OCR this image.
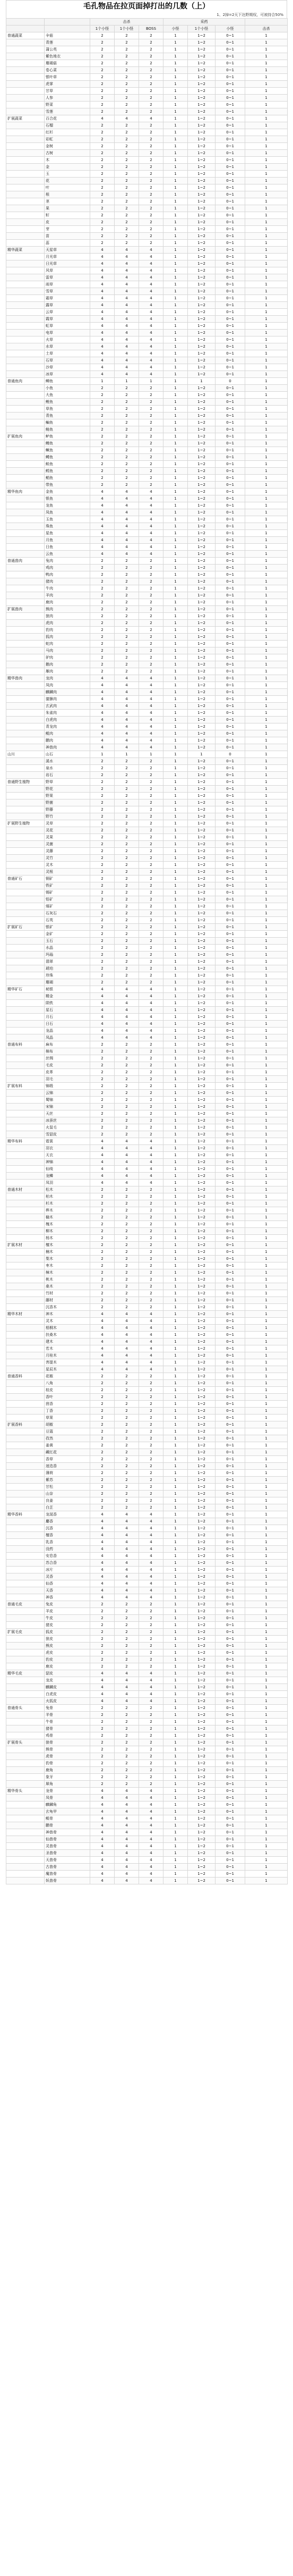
毛孔物品在拉页面掉打出的几数（上）
1、2掉=2天下达野期权，可被持合50%
		击杀			采药			
		1个小怪	1个小怪	BOSS	小怪	1个小怪	小怪	击杀
普通蔬菜	伞菇	2	2	2	1	1~2	0~1	1
	青莲	2	2	2	1	1~2	0~1	1
	蒲公英	2	2	2	1	1~2	0~1	1
	紫色地衣	2	2	2	1	1~2	0~1	1
	珊瑚菇	2	2	2	1	1~2	0~1	1
	卷心菜	2	2	2	1	1~2	0~1	1
	银叶草	2	2	2	1	1~2	0~1	1
	虎掌	2	2	2	1	1~2	0~1	1
	甘草	2	2	2	1	1~2	0~1	1
	人参	2	2	2	1	1~2	0~1	1
	野菜	2	2	2	1	1~2	0~1	1
	雪莲	2	2	2	1	1~2	0~1	1
扩展蔬菜	百合花	4	4	4	1	1~2	0~1	1
	石榴	2	2	2	1	1~2	0~1	1
	红杉	2	2	2	1	1~2	0~1	1
	彩虹	2	2	2	1	1~2	0~1	1
	金树	2	2	2	1	1~2	0~1	1
	古树	2	2	2	1	1~2	0~1	1
	木	2	2	2	1	1~2	0~1	1
	金	2	2	2	1	1~2	0~1	1
	玉	2	2	2	1	1~2	0~1	1
	花	2	2	2	1	1~2	0~1	1
	叶	2	2	2	1	1~2	0~1	1
	根	2	2	2	1	1~2	0~1	1
	茎	2	2	2	1	1~2	0~1	1
	果	2	2	2	1	1~2	0~1	1
	籽	2	2	2	1	1~2	0~1	1
	皮	2	2	2	1	1~2	0~1	1
	芽	2	2	2	1	1~2	0~1	1
	苗	2	2	2	1	1~2	0~1	1
	蕊	2	2	2	1	1~2	0~1	1
精华蔬菜	天星草	4	4	4	1	1~2	0~1	1
	月光草	4	4	4	1	1~2	0~1	1
	日光草	4	4	4	1	1~2	0~1	1
	风草	4	4	4	1	1~2	0~1	1
	雷草	4	4	4	1	1~2	0~1	1
	雨草	4	4	4	1	1~2	0~1	1
	雪草	4	4	4	1	1~2	0~1	1
	霜草	4	4	4	1	1~2	0~1	1
	露草	4	4	4	1	1~2	0~1	1
	云草	4	4	4	1	1~2	0~1	1
	霞草	4	4	4	1	1~2	0~1	1
	虹草	4	4	4	1	1~2	0~1	1
	电草	4	4	4	1	1~2	0~1	1
	火草	4	4	4	1	1~2	0~1	1
	水草	4	4	4	1	1~2	0~1	1
	土草	4	4	4	1	1~2	0~1	1
	石草	4	4	4	1	1~2	0~1	1
	沙草	4	4	4	1	1~2	0~1	1
	冰草	4	4	4	1	1~2	0~1	1
普通鱼肉	鲫鱼	1	1	1	1	1	0	1
	小鱼	2	2	2	1	1~2	0~1	1
	大鱼	2	2	2	1	1~2	0~1	1
	鲤鱼	2	2	2	1	1~2	0~1	1
	草鱼	2	2	2	1	1~2	0~1	1
	青鱼	2	2	2	1	1~2	0~1	1
	鳊鱼	2	2	2	1	1~2	0~1	1
	鲢鱼	2	2	2	1	1~2	0~1	1
扩展鱼肉	鲈鱼	2	2	2	1	1~2	0~1	1
	鳗鱼	2	2	2	1	1~2	0~1	1
	鳜鱼	2	2	2	1	1~2	0~1	1
	鳟鱼	2	2	2	1	1~2	0~1	1
	鲑鱼	2	2	2	1	1~2	0~1	1
	鳕鱼	2	2	2	1	1~2	0~1	1
	鲳鱼	2	2	2	1	1~2	0~1	1
	带鱼	2	2	2	1	1~2	0~1	1
精华鱼肉	金鱼	4	4	4	1	1~2	0~1	1
	银鱼	4	4	4	1	1~2	0~1	1
	龙鱼	4	4	4	1	1~2	0~1	1
	凤鱼	4	4	4	1	1~2	0~1	1
	玉鱼	4	4	4	1	1~2	0~1	1
	珠鱼	4	4	4	1	1~2	0~1	1
	星鱼	4	4	4	1	1~2	0~1	1
	月鱼	4	4	4	1	1~2	0~1	1
	日鱼	4	4	4	1	1~2	0~1	1
	云鱼	4	4	4	1	1~2	0~1	1
普通兽肉	兔肉	2	2	2	1	1~2	0~1	1
	鸡肉	2	2	2	1	1~2	0~1	1
	鸭肉	2	2	2	1	1~2	0~1	1
	猪肉	2	2	2	1	1~2	0~1	1
	牛肉	2	2	2	1	1~2	0~1	1
	羊肉	2	2	2	1	1~2	0~1	1
	鹿肉	2	2	2	1	1~2	0~1	1
扩展兽肉	熊肉	2	2	2	1	1~2	0~1	1
	狼肉	2	2	2	1	1~2	0~1	1
	虎肉	2	2	2	1	1~2	0~1	1
	豹肉	2	2	2	1	1~2	0~1	1
	狐肉	2	2	2	1	1~2	0~1	1
	蛇肉	2	2	2	1	1~2	0~1	1
	马肉	2	2	2	1	1~2	0~1	1
	驴肉	2	2	2	1	1~2	0~1	1
	鹅肉	2	2	2	1	1~2	0~1	1
	雁肉	2	2	2	1	1~2	0~1	1
精华兽肉	龙肉	4	4	4	1	1~2	0~1	1
	凤肉	4	4	4	1	1~2	0~1	1
	麒麟肉	4	4	4	1	1~2	0~1	1
	貔貅肉	4	4	4	1	1~2	0~1	1
	玄武肉	4	4	4	1	1~2	0~1	1
	朱雀肉	4	4	4	1	1~2	0~1	1
	白虎肉	4	4	4	1	1~2	0~1	1
	青龙肉	4	4	4	1	1~2	0~1	1
	鲲肉	4	4	4	1	1~2	0~1	1
	鹏肉	4	4	4	1	1~2	0~1	1
	神兽肉	4	4	4	1	1~2	0~1	1
山川	山石	1	1	1	1	1	0	1
	溪水	2	2	2	1	1~2	0~1	1
	泉水	2	2	2	1	1~2	0~1	1
	岩石	2	2	2	1	1~2	0~1	1
普通野生植物	野草	2	2	2	1	1~2	0~1	1
	野花	2	2	2	1	1~2	0~1	1
	野果	2	2	2	1	1~2	0~1	1
	野菌	2	2	2	1	1~2	0~1	1
	野藤	2	2	2	1	1~2	0~1	1
	野竹	2	2	2	1	1~2	0~1	1
扩展野生植物	灵草	2	2	2	1	1~2	0~1	1
	灵花	2	2	2	1	1~2	0~1	1
	灵果	2	2	2	1	1~2	0~1	1
	灵菌	2	2	2	1	1~2	0~1	1
	灵藤	2	2	2	1	1~2	0~1	1
	灵竹	2	2	2	1	1~2	0~1	1
	灵木	2	2	2	1	1~2	0~1	1
	灵根	2	2	2	1	1~2	0~1	1
普通矿石	铜矿	2	2	2	1	1~2	0~1	1
	铁矿	2	2	2	1	1~2	0~1	1
	锡矿	2	2	2	1	1~2	0~1	1
	铅矿	2	2	2	1	1~2	0~1	1
	煤矿	2	2	2	1	1~2	0~1	1
	石灰石	2	2	2	1	1~2	0~1	1
	石英	2	2	2	1	1~2	0~1	1
扩展矿石	银矿	2	2	2	1	1~2	0~1	1
	金矿	2	2	2	1	1~2	0~1	1
	玉石	2	2	2	1	1~2	0~1	1
	水晶	2	2	2	1	1~2	0~1	1
	玛瑙	2	2	2	1	1~2	0~1	1
	翡翠	2	2	2	1	1~2	0~1	1
	琥珀	2	2	2	1	1~2	0~1	1
	珍珠	2	2	2	1	1~2	0~1	1
	珊瑚	2	2	2	1	1~2	0~1	1
精华矿石	秘银	4	4	4	1	1~2	0~1	1
	精金	4	4	4	1	1~2	0~1	1
	陨铁	4	4	4	1	1~2	0~1	1
	星石	4	4	4	1	1~2	0~1	1
	月石	4	4	4	1	1~2	0~1	1
	日石	4	4	4	1	1~2	0~1	1
	龙晶	4	4	4	1	1~2	0~1	1
	凤晶	4	4	4	1	1~2	0~1	1
普通布料	麻布	2	2	2	1	1~2	0~1	1
	棉布	2	2	2	1	1~2	0~1	1
	丝绸	2	2	2	1	1~2	0~1	1
	毛皮	2	2	2	1	1~2	0~1	1
	皮革	2	2	2	1	1~2	0~1	1
	羽毛	2	2	2	1	1~2	0~1	1
扩展布料	锦缎	2	2	2	1	1~2	0~1	1
	云锦	2	2	2	1	1~2	0~1	1
	蜀锦	2	2	2	1	1~2	0~1	1
	宋锦	2	2	2	1	1~2	0~1	1
	天丝	2	2	2	1	1~2	0~1	1
	冰蚕丝	2	2	2	1	1~2	0~1	1
	火鼠毛	2	2	2	1	1~2	0~1	1
	雪貂皮	2	2	2	1	1~2	0~1	1
精华布料	霓裳	4	4	4	1	1~2	0~1	1
	羽衣	4	4	4	1	1~2	0~1	1
	天衣	4	4	4	1	1~2	0~1	1
	神锦	4	4	4	1	1~2	0~1	1
	仙绫	4	4	4	1	1~2	0~1	1
	龙鳞	4	4	4	1	1~2	0~1	1
	凤羽	4	4	4	1	1~2	0~1	1
普通木材	松木	2	2	2	1	1~2	0~1	1
	柏木	2	2	2	1	1~2	0~1	1
	杉木	2	2	2	1	1~2	0~1	1
	桦木	2	2	2	1	1~2	0~1	1
	榆木	2	2	2	1	1~2	0~1	1
	槐木	2	2	2	1	1~2	0~1	1
	柳木	2	2	2	1	1~2	0~1	1
	杨木	2	2	2	1	1~2	0~1	1
扩展木材	檀木	2	2	2	1	1~2	0~1	1
	楠木	2	2	2	1	1~2	0~1	1
	梨木	2	2	2	1	1~2	0~1	1
	枣木	2	2	2	1	1~2	0~1	1
	樟木	2	2	2	1	1~2	0~1	1
	桃木	2	2	2	1	1~2	0~1	1
	桑木	2	2	2	1	1~2	0~1	1
	竹材	2	2	2	1	1~2	0~1	1
	藤材	2	2	2	1	1~2	0~1	1
	沉香木	2	2	2	1	1~2	0~1	1
精华木材	神木	4	4	4	1	1~2	0~1	1
	灵木	4	4	4	1	1~2	0~1	1
	梧桐木	4	4	4	1	1~2	0~1	1
	扶桑木	4	4	4	1	1~2	0~1	1
	建木	4	4	4	1	1~2	0~1	1
	若木	4	4	4	1	1~2	0~1	1
	月桂木	4	4	4	1	1~2	0~1	1
	菩提木	4	4	4	1	1~2	0~1	1
	星辰木	4	4	4	1	1~2	0~1	1
普通香料	花椒	2	2	2	1	1~2	0~1	1
	八角	2	2	2	1	1~2	0~1	1
	桂皮	2	2	2	1	1~2	0~1	1
	香叶	2	2	2	1	1~2	0~1	1
	茴香	2	2	2	1	1~2	0~1	1
	丁香	2	2	2	1	1~2	0~1	1
	草果	2	2	2	1	1~2	0~1	1
扩展香料	胡椒	2	2	2	1	1~2	0~1	1
	豆蔻	2	2	2	1	1~2	0~1	1
	孜然	2	2	2	1	1~2	0~1	1
	姜黄	2	2	2	1	1~2	0~1	1
	藏红花	2	2	2	1	1~2	0~1	1
	香草	2	2	2	1	1~2	0~1	1
	迷迭香	2	2	2	1	1~2	0~1	1
	薄荷	2	2	2	1	1~2	0~1	1
	紫苏	2	2	2	1	1~2	0~1	1
	甘松	2	2	2	1	1~2	0~1	1
	山奈	2	2	2	1	1~2	0~1	1
	良姜	2	2	2	1	1~2	0~1	1
	白芷	2	2	2	1	1~2	0~1	1
精华香料	龙涎香	4	4	4	1	1~2	0~1	1
	麝香	4	4	4	1	1~2	0~1	1
	沉香	4	4	4	1	1~2	0~1	1
	檀香	4	4	4	1	1~2	0~1	1
	乳香	4	4	4	1	1~2	0~1	1
	没药	4	4	4	1	1~2	0~1	1
	安息香	4	4	4	1	1~2	0~1	1
	苏合香	4	4	4	1	1~2	0~1	1
	冰片	4	4	4	1	1~2	0~1	1
	灵香	4	4	4	1	1~2	0~1	1
	仙香	4	4	4	1	1~2	0~1	1
	天香	4	4	4	1	1~2	0~1	1
	神香	4	4	4	1	1~2	0~1	1
普通毛皮	兔皮	2	2	2	1	1~2	0~1	1
	羊皮	2	2	2	1	1~2	0~1	1
	牛皮	2	2	2	1	1~2	0~1	1
	猪皮	2	2	2	1	1~2	0~1	1
扩展毛皮	狐皮	2	2	2	1	1~2	0~1	1
	狼皮	2	2	2	1	1~2	0~1	1
	熊皮	2	2	2	1	1~2	0~1	1
	虎皮	2	2	2	1	1~2	0~1	1
	豹皮	2	2	2	1	1~2	0~1	1
	鹿皮	2	2	2	1	1~2	0~1	1
精华毛皮	貂皮	4	4	4	1	1~2	0~1	1
	龙皮	4	4	4	1	1~2	0~1	1
	麒麟皮	4	4	4	1	1~2	0~1	1
	白虎皮	4	4	4	1	1~2	0~1	1
	火狐皮	4	4	4	1	1~2	0~1	1
普通骨头	兔骨	2	2	2	1	1~2	0~1	1
	羊骨	2	2	2	1	1~2	0~1	1
	牛骨	2	2	2	1	1~2	0~1	1
	猪骨	2	2	2	1	1~2	0~1	1
	鸡骨	2	2	2	1	1~2	0~1	1
扩展骨头	狼骨	2	2	2	1	1~2	0~1	1
	熊骨	2	2	2	1	1~2	0~1	1
	虎骨	2	2	2	1	1~2	0~1	1
	豹骨	2	2	2	1	1~2	0~1	1
	鹿角	2	2	2	1	1~2	0~1	1
	象牙	2	2	2	1	1~2	0~1	1
	犀角	2	2	2	1	1~2	0~1	1
精华骨头	龙骨	4	4	4	1	1~2	0~1	1
	凤骨	4	4	4	1	1~2	0~1	1
	麒麟角	4	4	4	1	1~2	0~1	1
	玄龟甲	4	4	4	1	1~2	0~1	1
	鲲骨	4	4	4	1	1~2	0~1	1
	鹏骨	4	4	4	1	1~2	0~1	1
	神兽骨	4	4	4	1	1~2	0~1	1
	仙兽骨	4	4	4	1	1~2	0~1	1
	灵兽骨	4	4	4	1	1~2	0~1	1
	圣兽骨	4	4	4	1	1~2	0~1	1
	天兽骨	4	4	4	1	1~2	0~1	1
	古兽骨	4	4	4	1	1~2	0~1	1
	魔兽骨	4	4	4	1	1~2	0~1	1
	妖兽骨	4	4	4	1	1~2	0~1	1
